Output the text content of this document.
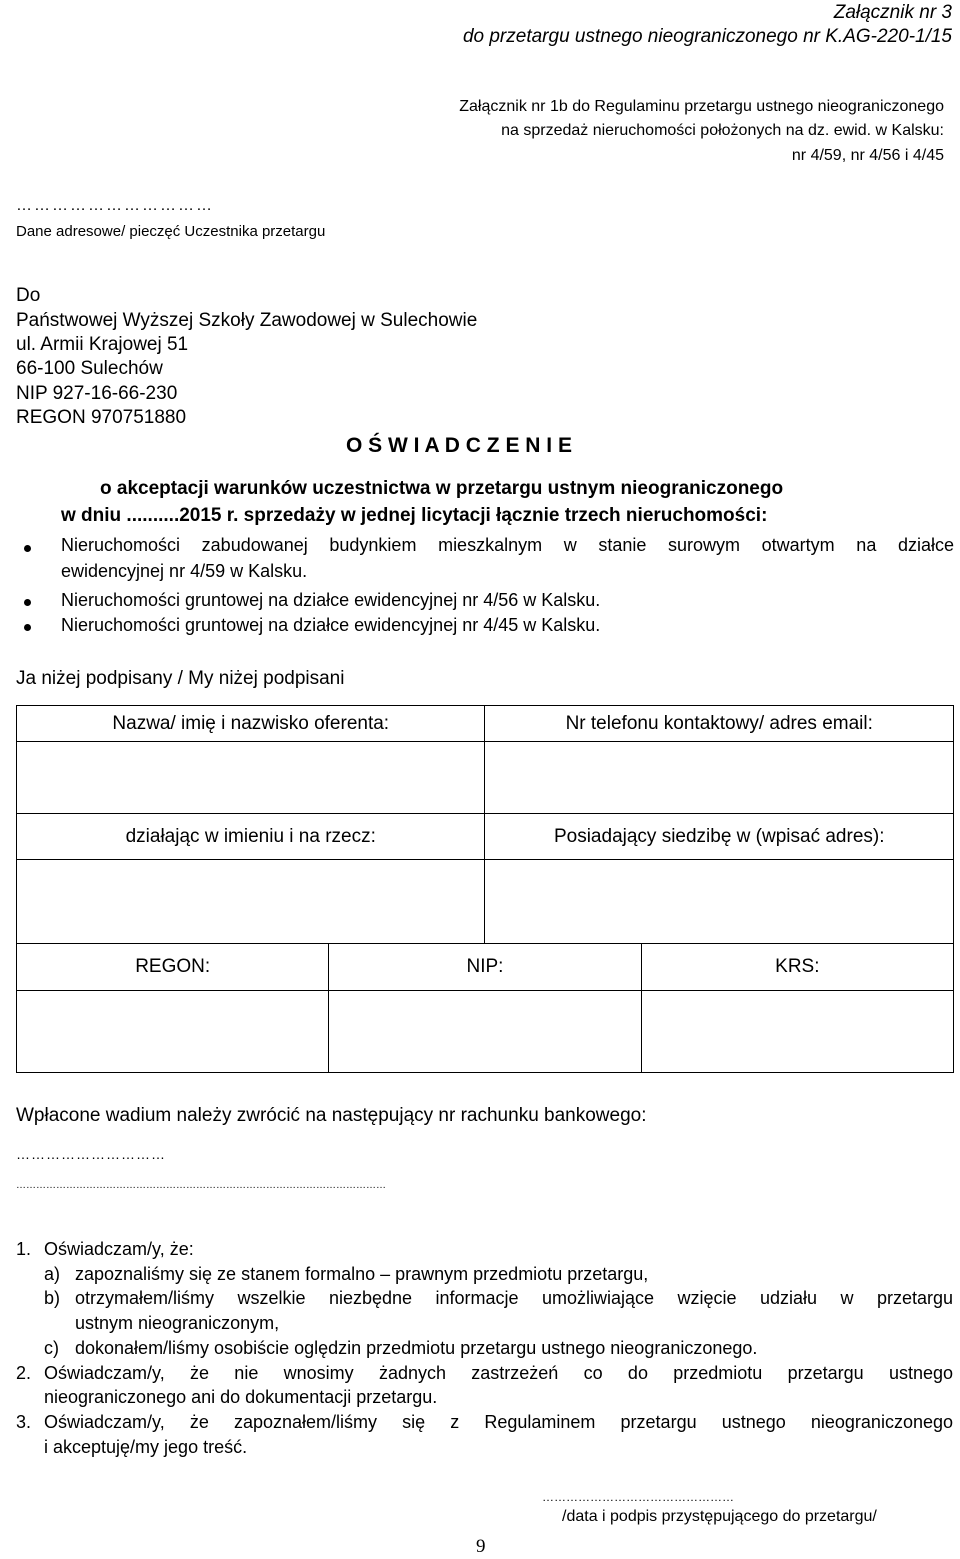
Załącznik nr 3
do przetargu ustnego nieograniczonego nr K.AG-220-1/15
Załącznik nr 1b do Regulaminu przetargu ustnego nieograniczonego
na sprzedaż nieruchomości położonych na dz. ewid. w Kalsku:
nr 4/59, nr 4/56 i 4/45
……………………………
Dane adresowe/ pieczęć Uczestnika przetargu
Do
Państwowej Wyższej Szkoły Zawodowej w Sulechowie
ul. Armii Krajowej 51
66-100 Sulechów
NIP 927-16-66-230
REGON 970751880
O Ś W I A D C Z E N I E
o akceptacji warunków uczestnictwa w przetargu ustnym nieograniczonego
w dniu ..........2015 r. sprzedaży w jednej licytacji łącznie trzech nieruchomości:
Nieruchomości zabudowanej budynkiem mieszkalnym w stanie surowym otwartym na działce
ewidencyjnej nr 4/59 w Kalsku.
Nieruchomości gruntowej na działce ewidencyjnej nr 4/56 w Kalsku.
Nieruchomości gruntowej na działce ewidencyjnej nr 4/45 w Kalsku.
Ja niżej podpisany / My niżej podpisani
Nazwa/ imię i nazwisko oferenta:		Nr telefonu kontaktowy/ adres email:	

działając w imieniu i na rzecz:		Posiadający siedzibę w (wpisać adres):	

REGON:	NIP:		KRS:

Wpłacone wadium należy zwrócić na następujący nr rachunku bankowego:
…………………………
…………………………………………………………………………………………………
1. Oświadczam/y, że:
a) zapoznaliśmy się ze stanem formalno – prawnym przedmiotu przetargu,
b) otrzymałem/liśmy wszelkie niezbędne informacje umożliwiające wzięcie udziału w przetargu
ustnym nieograniczonym,
c) dokonałem/liśmy osobiście oględzin przedmiotu przetargu ustnego nieograniczonego.
2. Oświadczam/y, że nie wnosimy żadnych zastrzeżeń co do przedmiotu przetargu ustnego
nieograniczonego ani do dokumentacji przetargu.
3. Oświadczam/y, że zapoznałem/liśmy się z Regulaminem przetargu ustnego nieograniczonego
i akceptuję/my jego treść.
…………………………………………
/data i podpis przystępującego do przetargu/
9
